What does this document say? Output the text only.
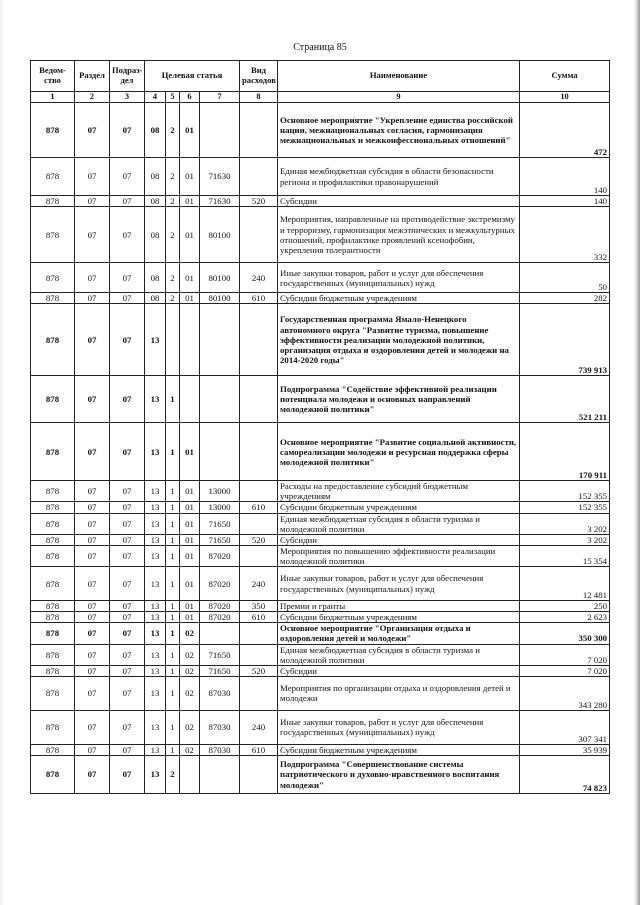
Страница 85
Ведом-ство	Раздел	Подраз-дел	Целевая статья				Вид расходов	Наименование	Сумма
1	2	3	4	5	6	7	8	9	10
878	07	07	08	2	01			Основное мероприятие "Укрепление единства российской нации, межнациональных согласия, гармонизация межнациональных и межконфессиональных отношений"	472
878	07	07	08	2	01	71630		Единая межбюджетная субсидия в области безопасности региона и профилактики правонарушений	140
878	07	07	08	2	01	71630	520	Субсидии	140
878	07	07	08	2	01	80100		Мероприятия, направленные на противодействие экстремизму и терроризму, гармонизация межэтнических и межкультурных отношений, профилактике проявлений ксенофобии, укрепления толерантности	332
878	07	07	08	2	01	80100	240	Иные закупки товаров, работ и услуг для обеспечения государственных (муниципальных) нужд	50
878	07	07	08	2	01	80100	610	Субсидии бюджетным учреждениям	282
878	07	07	13					Государственная программа Ямало-Ненецкого автономного округа "Развитие туризма, повышение эффективности реализации молодежной политики, организация отдыха и оздоровления детей и молодежи на 2014-2020 годы"	739 913
878	07	07	13	1				Подпрограмма "Содействие эффективной реализации потенциала молодежи и основных направлений молодежной политики"	521 211
878	07	07	13	1	01			Основное мероприятие "Развитие социальной активности, самореализации молодежи и ресурсная поддержка сферы молодежной политики"	170 911
878	07	07	13	1	01	13000		Расходы на предоставление субсидий бюджетным учреждениям	152 355
878	07	07	13	1	01	13000	610	Субсидии бюджетным учреждениям	152 355
878	07	07	13	1	01	71650		Единая межбюджетная субсидия в области туризма и молодежной политики	3 202
878	07	07	13	1	01	71650	520	Субсидии	3 202
878	07	07	13	1	01	87020		Мероприятия по повышению эффективности реализации молодежной политики	15 354
878	07	07	13	1	01	87020	240	Иные закупки товаров, работ и услуг для обеспечения государственных (муниципальных) нужд	12 481
878	07	07	13	1	01	87020	350	Премии и гранты	250
878	07	07	13	1	01	87020	610	Субсидии бюджетным учреждениям	2 623
878	07	07	13	1	02			Основное мероприятие "Организация отдыха и оздоровления детей и молодежи"	350 300
878	07	07	13	1	02	71650		Единая межбюджетная субсидия в области туризма и молодежной политики	7 020
878	07	07	13	1	02	71650	520	Субсидии	7 020
878	07	07	13	1	02	87030		Мероприятия по организации отдыха и оздоровления детей и молодежи	343 280
878	07	07	13	1	02	87030	240	Иные закупки товаров, работ и услуг для обеспечения государственных (муниципальных) нужд	307 341
878	07	07	13	1	02	87030	610	Субсидии бюджетным учреждениям	35 939
878	07	07	13	2				Подпрограмма "Совершенствование системы патриотического и духовно-нравственного воспитания молодежи"	74 823
